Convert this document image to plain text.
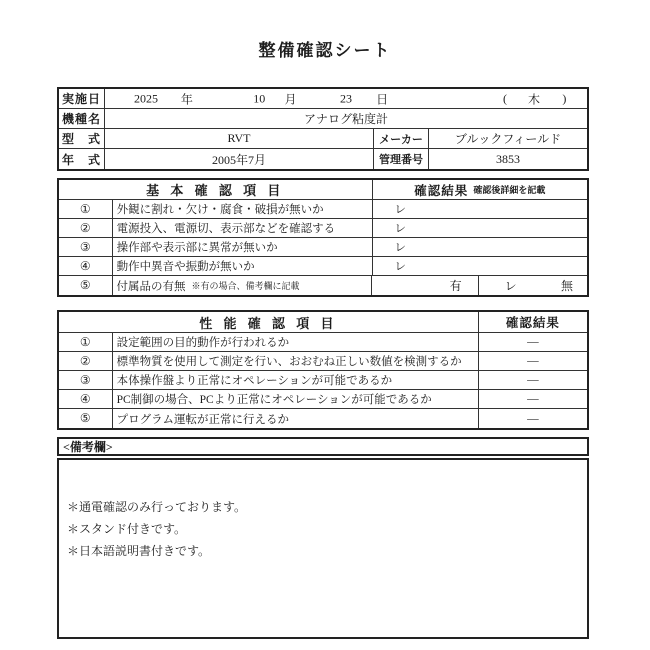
整備確認シート
実施日	2025 年	10 月	23 日	( 木 )
機種名	アナログ粘度計
型　式	RVT	メーカー	ブルックフィールド
年　式	2005年7月	管理番号	3853
基 本 確 認 項 目	確認結果 確認後詳細を記載
①	外観に割れ・欠け・腐食・破損が無いか	レ
②	電源投入、電源切、表示部などを確認する	レ
③	操作部や表示部に異常が無いか	レ
④	動作中異音や振動が無いか	レ
⑤	付属品の有無 ※有の場合、備考欄に記載	有	レ	無
性 能 確 認 項 目	確認結果
①	設定範囲の目的動作が行われるか	―
②	標準物質を使用して測定を行い、おおむね正しい数値を検測するか	―
③	本体操作盤より正常にオペレーションが可能であるか	―
④	PC制御の場合、PCより正常にオペレーションが可能であるか	―
⑤	プログラム運転が正常に行えるか	―
<備考欄>
＊通電確認のみ行っております。
＊スタンド付きです。
＊日本語説明書付きです。
